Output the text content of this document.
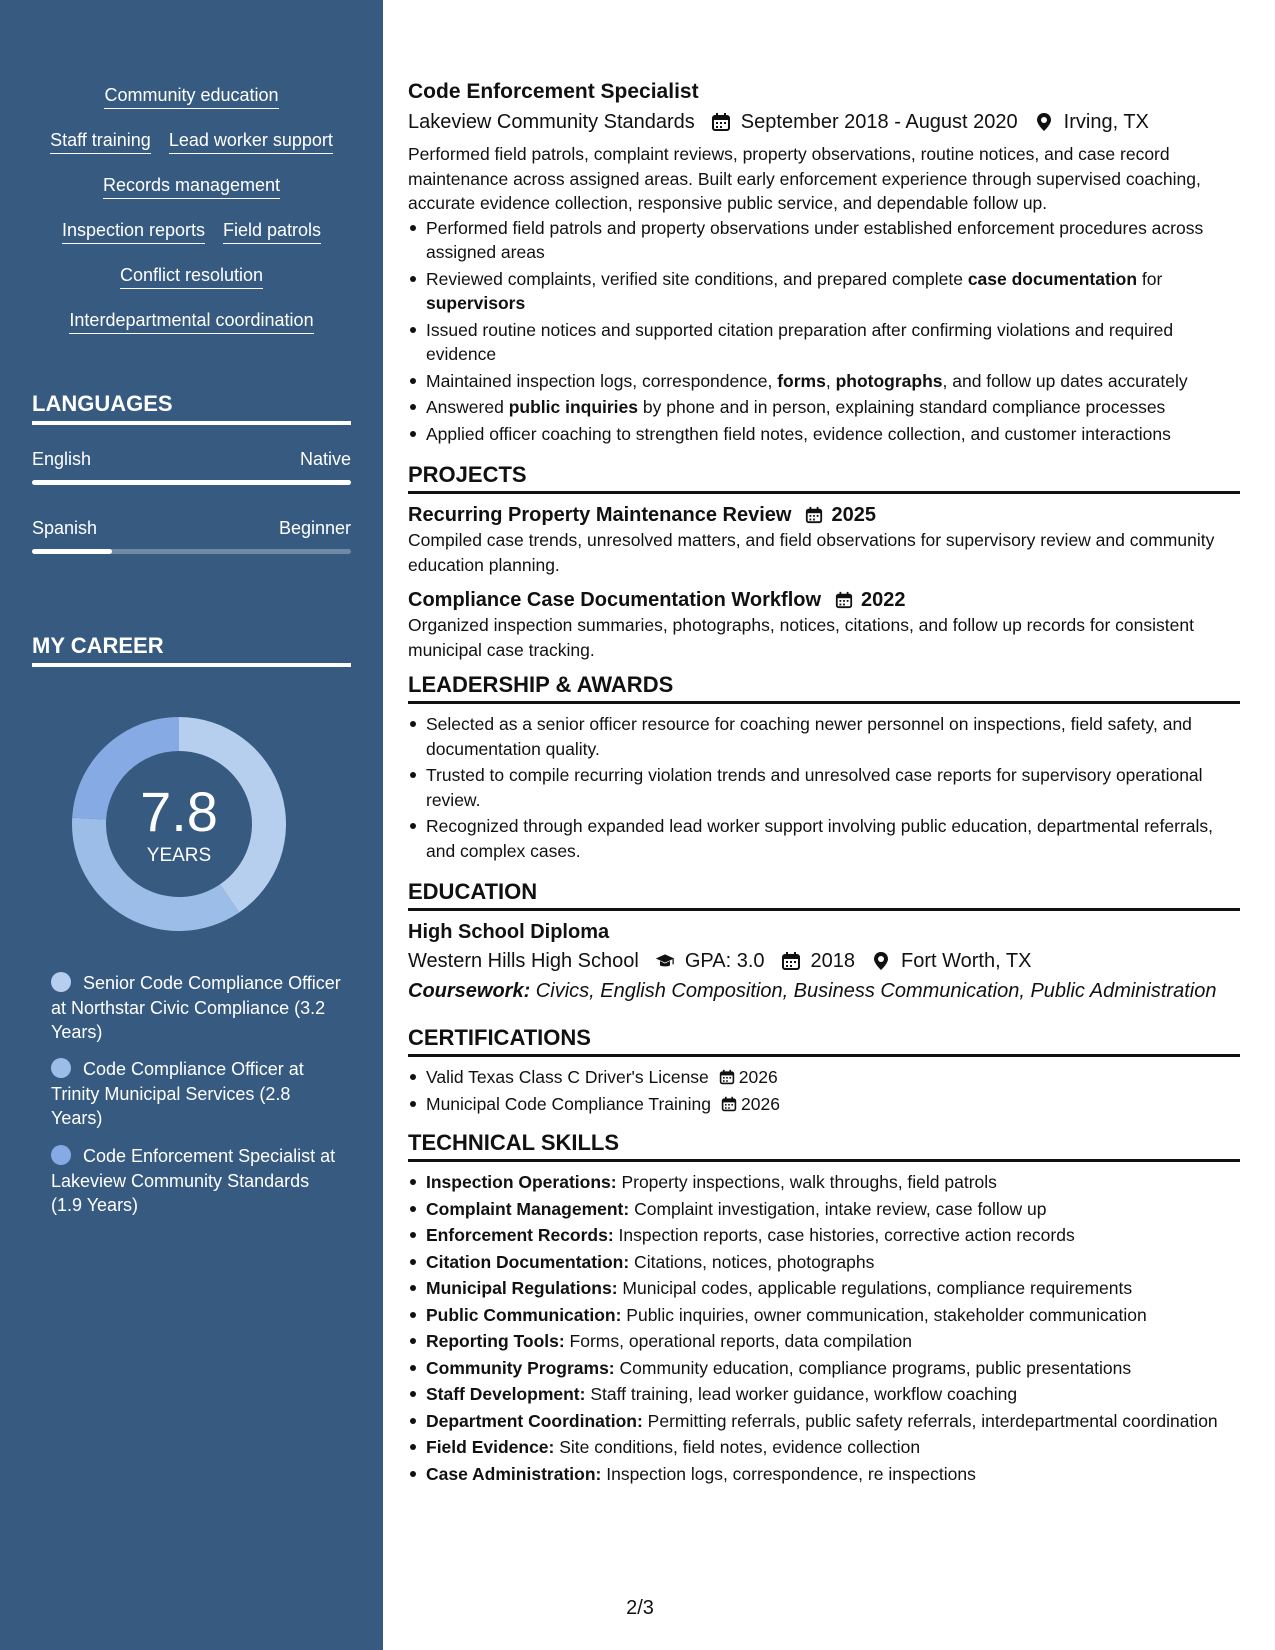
Community education
Staff training Lead worker support
Records management
Inspection reports Field patrols
Conflict resolution
Interdepartmental coordination
LANGUAGES
English	Native
Spanish	Beginner
MY CAREER
7.8
YEARS
Senior Code Compliance Officer at Northstar Civic Compliance (3.2 Years)
Code Compliance Officer at Trinity Municipal Services (2.8 Years)
Code Enforcement Specialist at Lakeview Community Standards (1.9 Years)
Code Enforcement Specialist
Lakeview Community Standards September 2018 - August 2020 Irving, TX
Performed field patrols, complaint reviews, property observations, routine notices, and case record maintenance across assigned areas. Built early enforcement experience through supervised coaching, accurate evidence collection, responsive public service, and dependable follow up.
Performed field patrols and property observations under established enforcement procedures across assigned areas
Reviewed complaints, verified site conditions, and prepared complete case documentation for supervisors
Issued routine notices and supported citation preparation after confirming violations and required evidence
Maintained inspection logs, correspondence, forms, photographs, and follow up dates accurately
Answered public inquiries by phone and in person, explaining standard compliance processes
Applied officer coaching to strengthen field notes, evidence collection, and customer interactions
PROJECTS
Recurring Property Maintenance Review 2025
Compiled case trends, unresolved matters, and field observations for supervisory review and community education planning.
Compliance Case Documentation Workflow 2022
Organized inspection summaries, photographs, notices, citations, and follow up records for consistent municipal case tracking.
LEADERSHIP & AWARDS
Selected as a senior officer resource for coaching newer personnel on inspections, field safety, and documentation quality.
Trusted to compile recurring violation trends and unresolved case reports for supervisory operational review.
Recognized through expanded lead worker support involving public education, departmental referrals, and complex cases.
EDUCATION
High School Diploma
Western Hills High School GPA: 3.0 2018 Fort Worth, TX
Coursework: Civics, English Composition, Business Communication, Public Administration
CERTIFICATIONS
Valid Texas Class C Driver's License 2026
Municipal Code Compliance Training 2026
TECHNICAL SKILLS
Inspection Operations: Property inspections, walk throughs, field patrols
Complaint Management: Complaint investigation, intake review, case follow up
Enforcement Records: Inspection reports, case histories, corrective action records
Citation Documentation: Citations, notices, photographs
Municipal Regulations: Municipal codes, applicable regulations, compliance requirements
Public Communication: Public inquiries, owner communication, stakeholder communication
Reporting Tools: Forms, operational reports, data compilation
Community Programs: Community education, compliance programs, public presentations
Staff Development: Staff training, lead worker guidance, workflow coaching
Department Coordination: Permitting referrals, public safety referrals, interdepartmental coordination
Field Evidence: Site conditions, field notes, evidence collection
Case Administration: Inspection logs, correspondence, re inspections
2/3
